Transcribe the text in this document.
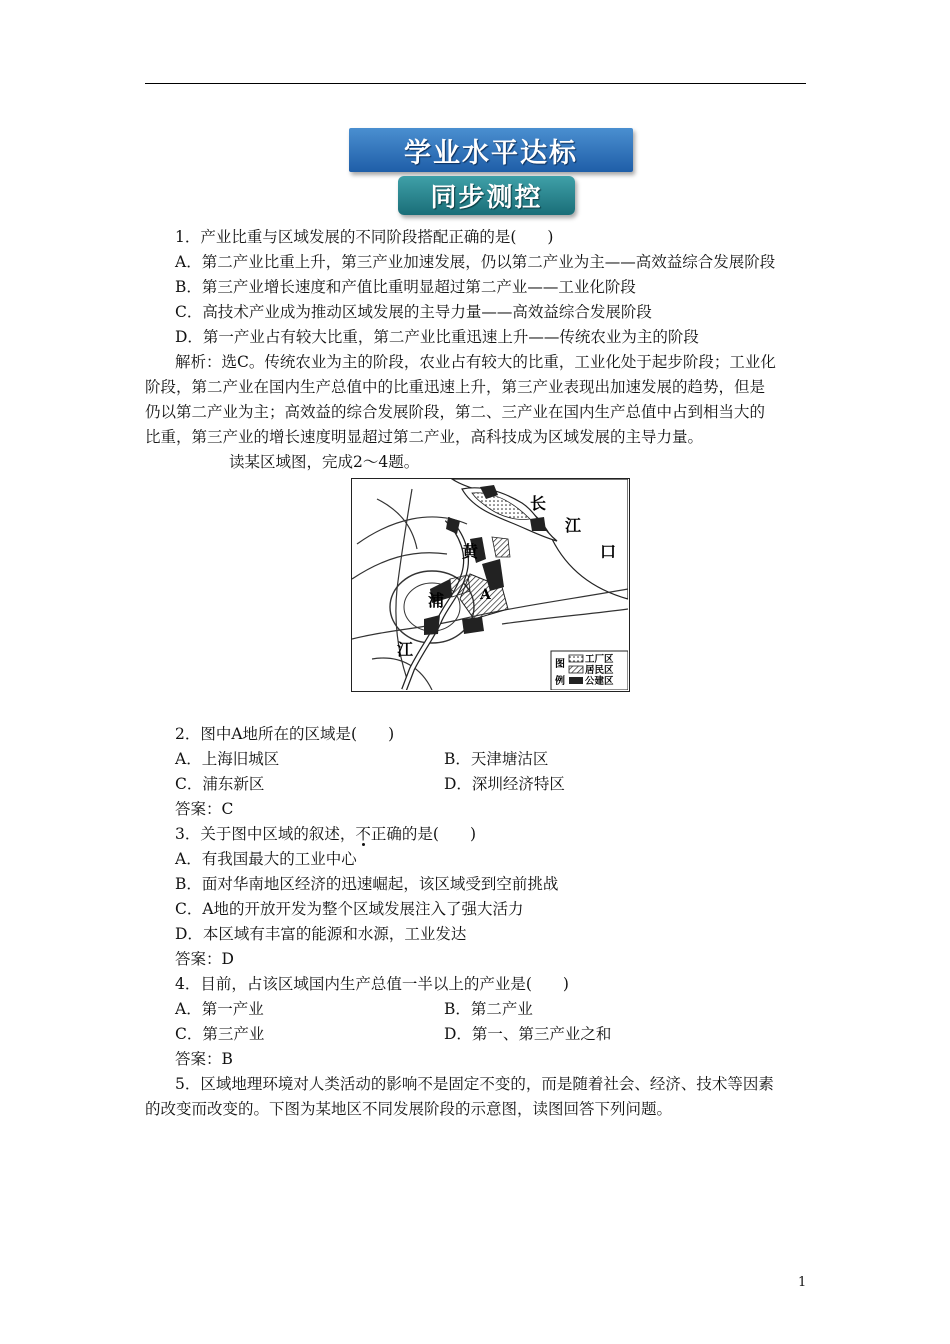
学业水平达标
同步测控
1．产业比重与区域发展的不同阶段搭配正确的是(　　)
A．第二产业比重上升，第三产业加速发展，仍以第二产业为主——高效益综合发展阶段
B．第三产业增长速度和产值比重明显超过第二产业——工业化阶段
C．高技术产业成为推动区域发展的主导力量——高效益综合发展阶段
D．第一产业占有较大比重，第二产业比重迅速上升——传统农业为主的阶段
解析：选C。传统农业为主的阶段，农业占有较大的比重，工业化处于起步阶段；工业化
阶段，第二产业在国内生产总值中的比重迅速上升，第三产业表现出加速发展的趋势，但是
仍以第二产业为主；高效益的综合发展阶段，第二、三产业在国内生产总值中占到相当大的
比重，第三产业的增长速度明显超过第二产业，高科技成为区域发展的主导力量。
读某区域图，完成2～4题。
长
江
口
黄
浦	A
江
图
例
工厂区
居民区
公建区
2．图中A地所在的区域是(　　)
A．上海旧城区	B．天津塘沽区
C．浦东新区	D．深圳经济特区
答案：C
3．关于图中区域的叙述，不正确的是(　　)
A．有我国最大的工业中心
B．面对华南地区经济的迅速崛起，该区域受到空前挑战
C．A地的开放开发为整个区域发展注入了强大活力
D．本区域有丰富的能源和水源，工业发达
答案：D
4．目前，占该区域国内生产总值一半以上的产业是(　　)
A．第一产业	B．第二产业
C．第三产业	D．第一、第三产业之和
答案：B
5．区域地理环境对人类活动的影响不是固定不变的，而是随着社会、经济、技术等因素
的改变而改变的。下图为某地区不同发展阶段的示意图，读图回答下列问题。
1
